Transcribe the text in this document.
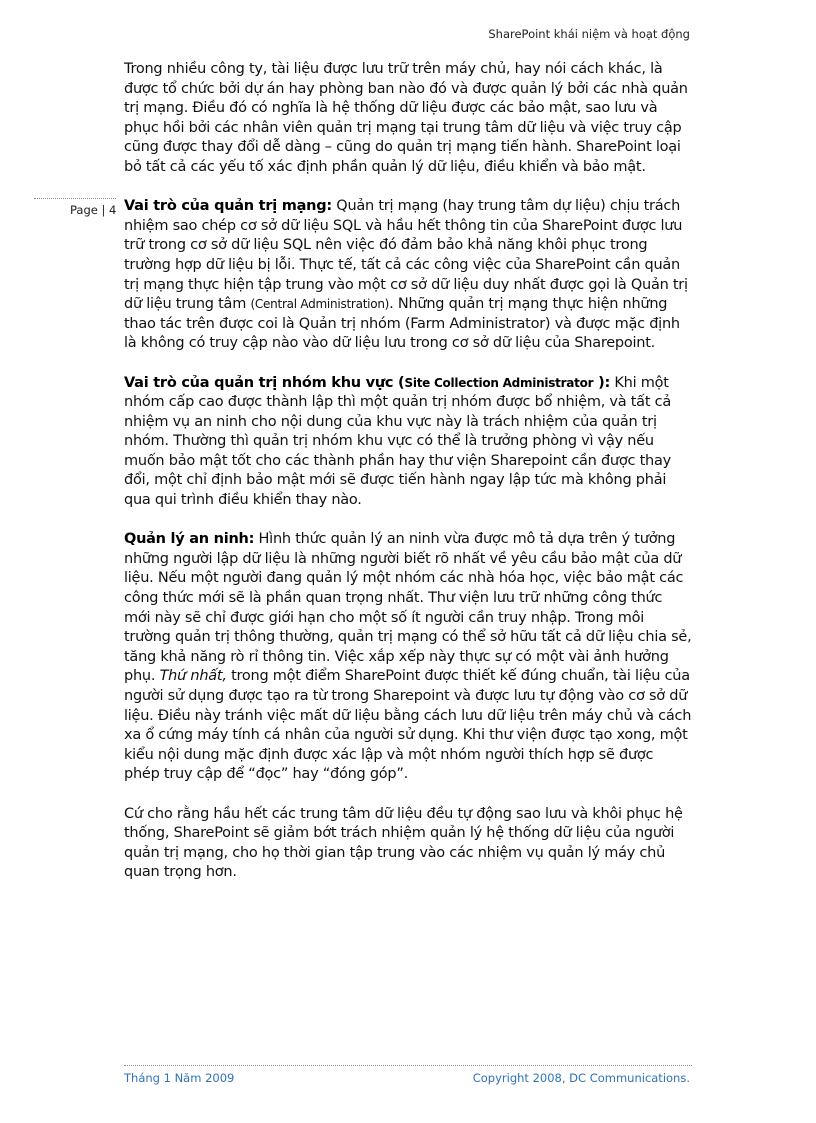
SharePoint khái niệm và hoạt động
Page | 4

Trong nhiều công ty, tài liệu được lưu trữ trên máy chủ, hay nói cách khác, là được tổ chức bởi dự án hay phòng ban nào đó và được quản lý bởi các nhà quản trị mạng. Điều đó có nghĩa là hệ thống dữ liệu được các bảo mật, sao lưu và phục hồi bởi các nhân viên quản trị mạng tại trung tâm dữ liệu và việc truy cập cũng được thay đổi dễ dàng – cũng do quản trị mạng tiến hành. SharePoint loại bỏ tất cả các yếu tố xác định phần quản lý dữ liệu, điều khiển và bảo mật.

Vai trò của quản trị mạng: Quản trị mạng (hay trung tâm dự liệu) chịu trách nhiệm sao chép cơ sở dữ liệu SQL và hầu hết thông tin của SharePoint được lưu trữ trong cơ sở dữ liệu SQL nên việc đó đảm bảo khả năng khôi phục trong trường hợp dữ liệu bị lỗi. Thực tế, tất cả các công việc của SharePoint cần quản trị mạng thực hiện tập trung vào một cơ sở dữ liệu duy nhất được gọi là Quản trị dữ liệu trung tâm (Central Administration). Những quản trị mạng thực hiện những thao tác trên được coi là Quản trị nhóm (Farm Administrator) và được mặc định là không có truy cập nào vào dữ liệu lưu trong cơ sở dữ liệu của Sharepoint.

Vai trò của quản trị nhóm khu vực (Site Collection Administrator ): Khi một nhóm cấp cao được thành lập thì một quản trị nhóm được bổ nhiệm, và tất cả nhiệm vụ an ninh cho nội dung của khu vực này là trách nhiệm của quản trị nhóm. Thường thì quản trị nhóm khu vực có thể là trưởng phòng vì vậy nếu muốn bảo mật tốt cho các thành phần hay thư viện Sharepoint cần được thay đổi, một chỉ định bảo mật mới sẽ được tiến hành ngay lập tức mà không phải qua qui trình điều khiển thay nào.

Quản lý an ninh: Hình thức quản lý an ninh vừa được mô tả dựa trên ý tưởng những người lập dữ liệu là những người biết rõ nhất về yêu cầu bảo mật của dữ liệu. Nếu một người đang quản lý một nhóm các nhà hóa học, việc bảo mật các công thức mới sẽ là phần quan trọng nhất. Thư viện lưu trữ những công thức mới này sẽ chỉ được giới hạn cho một số ít người cần truy nhập. Trong môi trường quản trị thông thường, quản trị mạng có thể sở hữu tất cả dữ liệu chia sẻ, tăng khả năng rò rỉ thông tin. Việc xắp xếp này thực sự có một vài ảnh hưởng phụ. Thứ nhất, trong một điểm SharePoint được thiết kế đúng chuẩn, tài liệu của người sử dụng được tạo ra từ trong Sharepoint và được lưu tự động vào cơ sở dữ liệu. Điều này tránh việc mất dữ liệu bằng cách lưu dữ liệu trên máy chủ và cách xa ổ cứng máy tính cá nhân của người sử dụng. Khi thư viện được tạo xong, một kiểu nội dung mặc định được xác lập và một nhóm người thích hợp sẽ được phép truy cập để “đọc” hay “đóng góp”.

Cứ cho rằng hầu hết các trung tâm dữ liệu đều tự động sao lưu và khôi phục hệ thống, SharePoint sẽ giảm bớt trách nhiệm quản lý hệ thống dữ liệu của người quản trị mạng, cho họ thời gian tập trung vào các nhiệm vụ quản lý máy chủ quan trọng hơn.

Tháng 1 Năm 2009	Copyright 2008, DC Communications.
